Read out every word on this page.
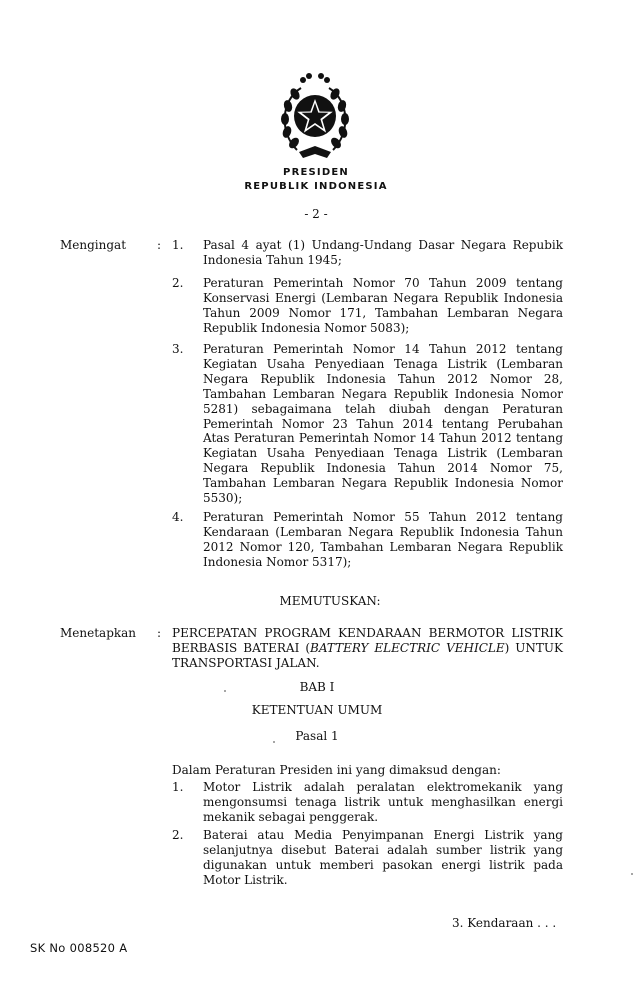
PRESIDEN
REPUBLIK INDONESIA
- 2 -
Mengingat	: 1.	Pasal 4 ayat (1) Undang-Undang Dasar Negara Repubik Indonesia Tahun 1945;
2.	Peraturan Pemerintah Nomor 70 Tahun 2009 tentang Konservasi Energi (Lembaran Negara Republik Indonesia Tahun 2009 Nomor 171, Tambahan Lembaran Negara Republik Indonesia Nomor 5083);
3.	Peraturan Pemerintah Nomor 14 Tahun 2012 tentang Kegiatan Usaha Penyediaan Tenaga Listrik (Lembaran Negara Republik Indonesia Tahun 2012 Nomor 28, Tambahan Lembaran Negara Republik Indonesia Nomor 5281) sebagaimana telah diubah dengan Peraturan Pemerintah Nomor 23 Tahun 2014 tentang Perubahan Atas Peraturan Pemerintah Nomor 14 Tahun 2012 tentang Kegiatan Usaha Penyediaan Tenaga Listrik (Lembaran Negara Republik Indonesia Tahun 2014 Nomor 75, Tambahan Lembaran Negara Republik Indonesia Nomor 5530);
4.	Peraturan Pemerintah Nomor 55 Tahun 2012 tentang Kendaraan (Lembaran Negara Republik Indonesia Tahun 2012 Nomor 120, Tambahan Lembaran Negara Republik Indonesia Nomor 5317);
MEMUTUSKAN:
Menetapkan : PERCEPATAN PROGRAM KENDARAAN BERMOTOR LISTRIK BERBASIS BATERAI (BATTERY ELECTRIC VEHICLE) UNTUK TRANSPORTASI JALAN.
BAB I
KETENTUAN UMUM
Pasal 1
Dalam Peraturan Presiden ini yang dimaksud dengan:
1.	Motor Listrik adalah peralatan elektromekanik yang mengonsumsi tenaga listrik untuk menghasilkan energi mekanik sebagai penggerak.
2.	Baterai atau Media Penyimpanan Energi Listrik yang selanjutnya disebut Baterai adalah sumber listrik yang digunakan untuk memberi pasokan energi listrik pada Motor Listrik.
3. Kendaraan . . .
SK No 008520 A
